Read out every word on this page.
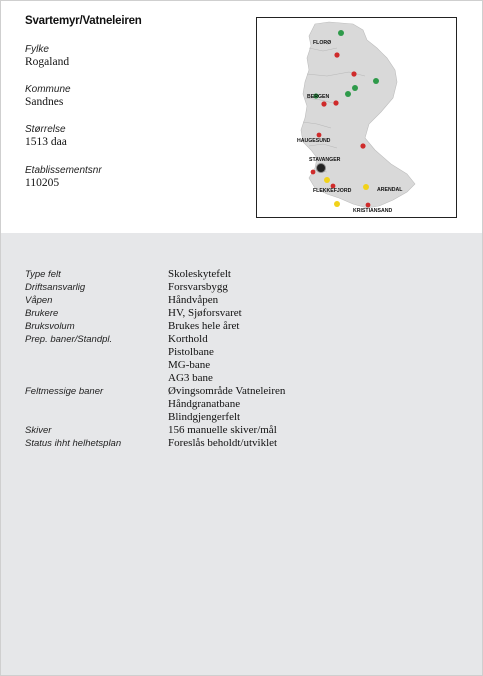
Svartemyr/Vatneleiren
Fylke
Rogaland
Kommune
Sandnes
Størrelse
1513 daa
Etablissementsnr
110205
FLORØ
BERGEN
HAUGESUND
STAVANGER
FLEKKEFJORD	ARENDAL
KRISTIANSAND
Type felt	Skoleskytefelt
Driftsansvarlig	Forsvarsbygg
Våpen	Håndvåpen
Brukere	HV, Sjøforsvaret
Bruksvolum	Brukes hele året
Prep. baner/Standpl.	Korthold
Pistolbane
MG-bane
AG3 bane
Feltmessige baner	Øvingsområde Vatneleiren
Håndgranatbane
Blindgjengerfelt
Skiver	156 manuelle skiver/mål
Status ihht helhetsplan	Foreslås beholdt/utviklet
